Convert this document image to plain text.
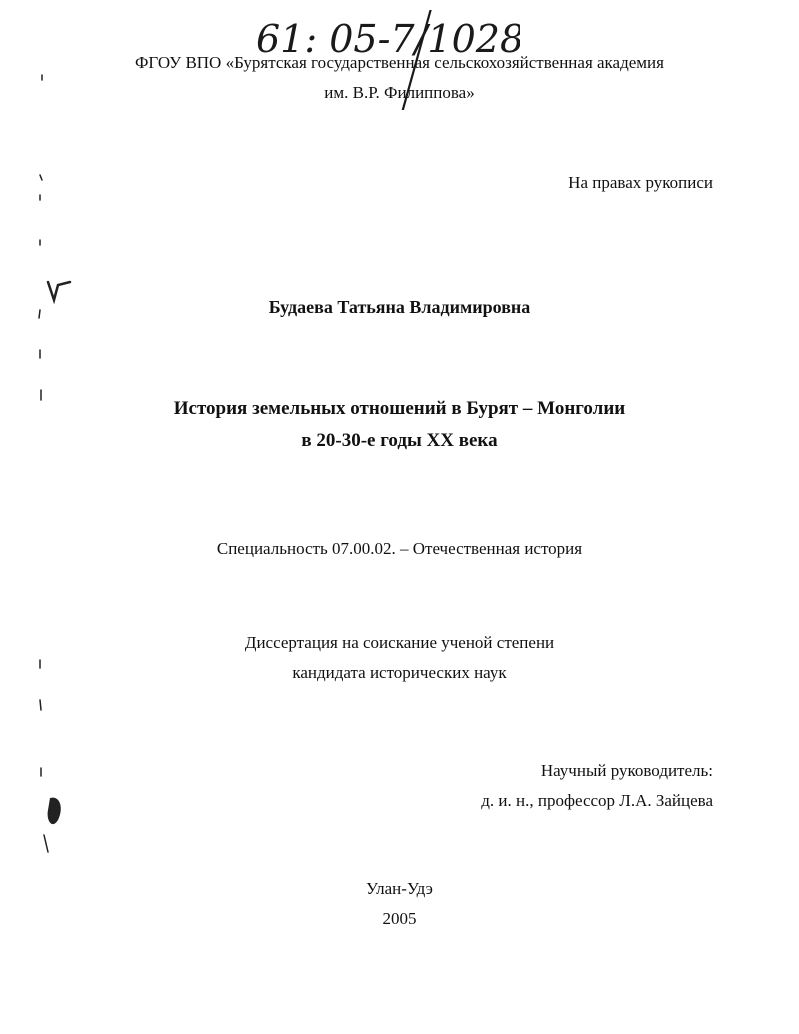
61: 05-7/1028
ФГОУ ВПО «Бурятская государственная сельскохозяйственная академия
им. В.Р. Филиппова»
На правах рукописи
Будаева Татьяна Владимировна
История земельных отношений в Бурят – Монголии
в 20-30-е годы XX века
Специальность 07.00.02. – Отечественная история
Диссертация на соискание ученой степени
кандидата исторических наук
Научный руководитель:
д. и. н., профессор Л.А. Зайцева
Улан-Удэ
2005
